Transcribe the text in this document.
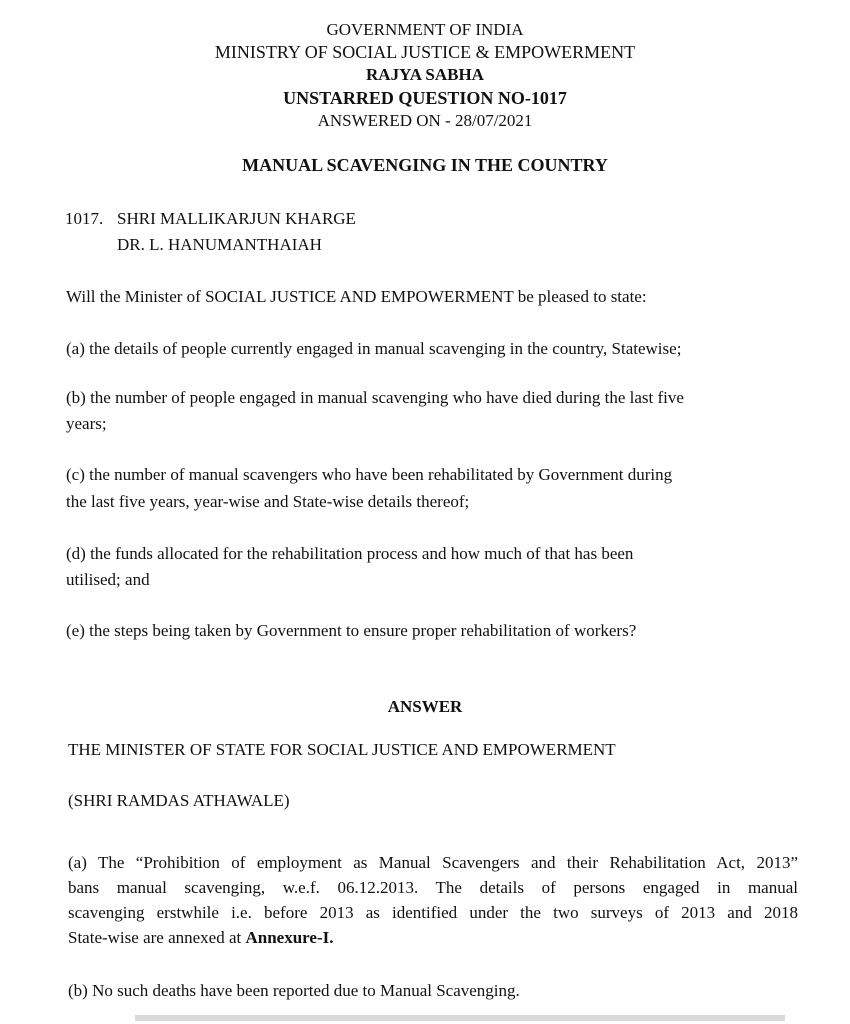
GOVERNMENT OF INDIA
MINISTRY OF SOCIAL JUSTICE & EMPOWERMENT
RAJYA SABHA
UNSTARRED QUESTION NO-1017
ANSWERED ON - 28/07/2021
MANUAL SCAVENGING IN THE COUNTRY
1017. SHRI MALLIKARJUN KHARGE
DR. L. HANUMANTHAIAH
Will the Minister of SOCIAL JUSTICE AND EMPOWERMENT be pleased to state:
(a) the details of people currently engaged in manual scavenging in the country, Statewise;
(b) the number of people engaged in manual scavenging who have died during the last five
years;
(c) the number of manual scavengers who have been rehabilitated by Government during
the last five years, year-wise and State-wise details thereof;
(d) the funds allocated for the rehabilitation process and how much of that has been
utilised; and
(e) the steps being taken by Government to ensure proper rehabilitation of workers?
ANSWER
THE MINISTER OF STATE FOR SOCIAL JUSTICE AND EMPOWERMENT
(SHRI RAMDAS ATHAWALE)
(a) The “Prohibition of employment as Manual Scavengers and their Rehabilitation Act, 2013”
bans manual scavenging, w.e.f. 06.12.2013. The details of persons engaged in manual
scavenging erstwhile i.e. before 2013 as identified under the two surveys of 2013 and 2018
State-wise are annexed at Annexure-I.
(b) No such deaths have been reported due to Manual Scavenging.
